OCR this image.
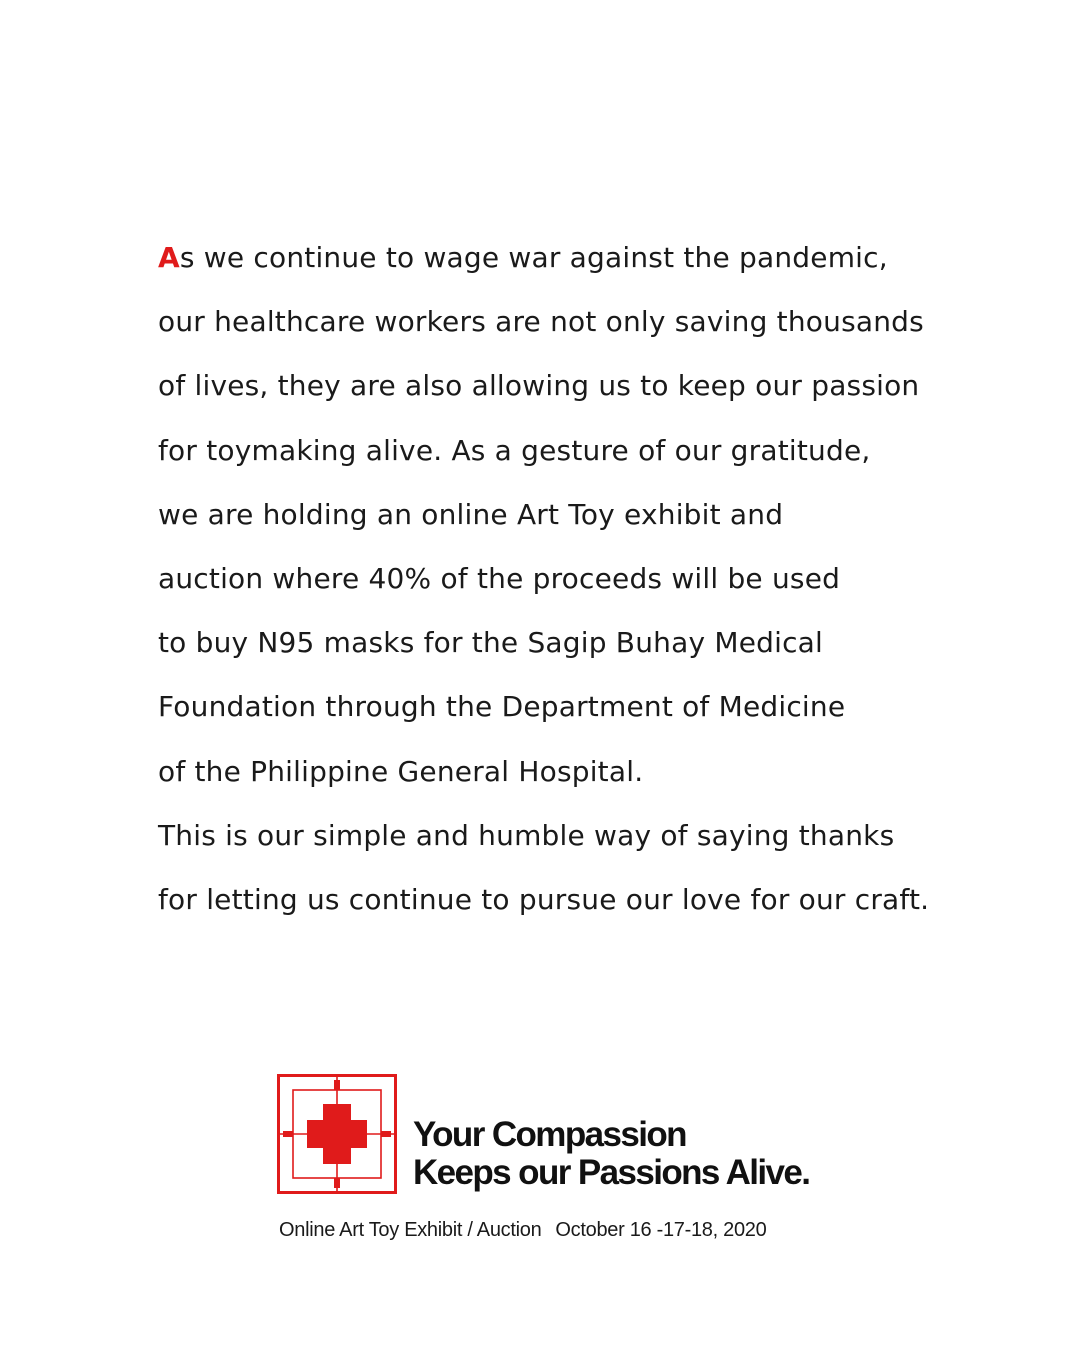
As we continue to wage war against the pandemic,
our healthcare workers are not only saving thousands
of lives, they are also allowing us to keep our passion
for toymaking alive. As a gesture of our gratitude,
we are holding an online Art Toy exhibit and
auction where 40% of the proceeds will be used
to buy N95 masks for the Sagip Buhay Medical
Foundation through the Department of Medicine
of the Philippine General Hospital.
This is our simple and humble way of saying thanks
for letting us continue to pursue our love for our craft.

Your Compassion
Keeps our Passions Alive.

Online Art Toy Exhibit / Auction October 16 -17-18, 2020
